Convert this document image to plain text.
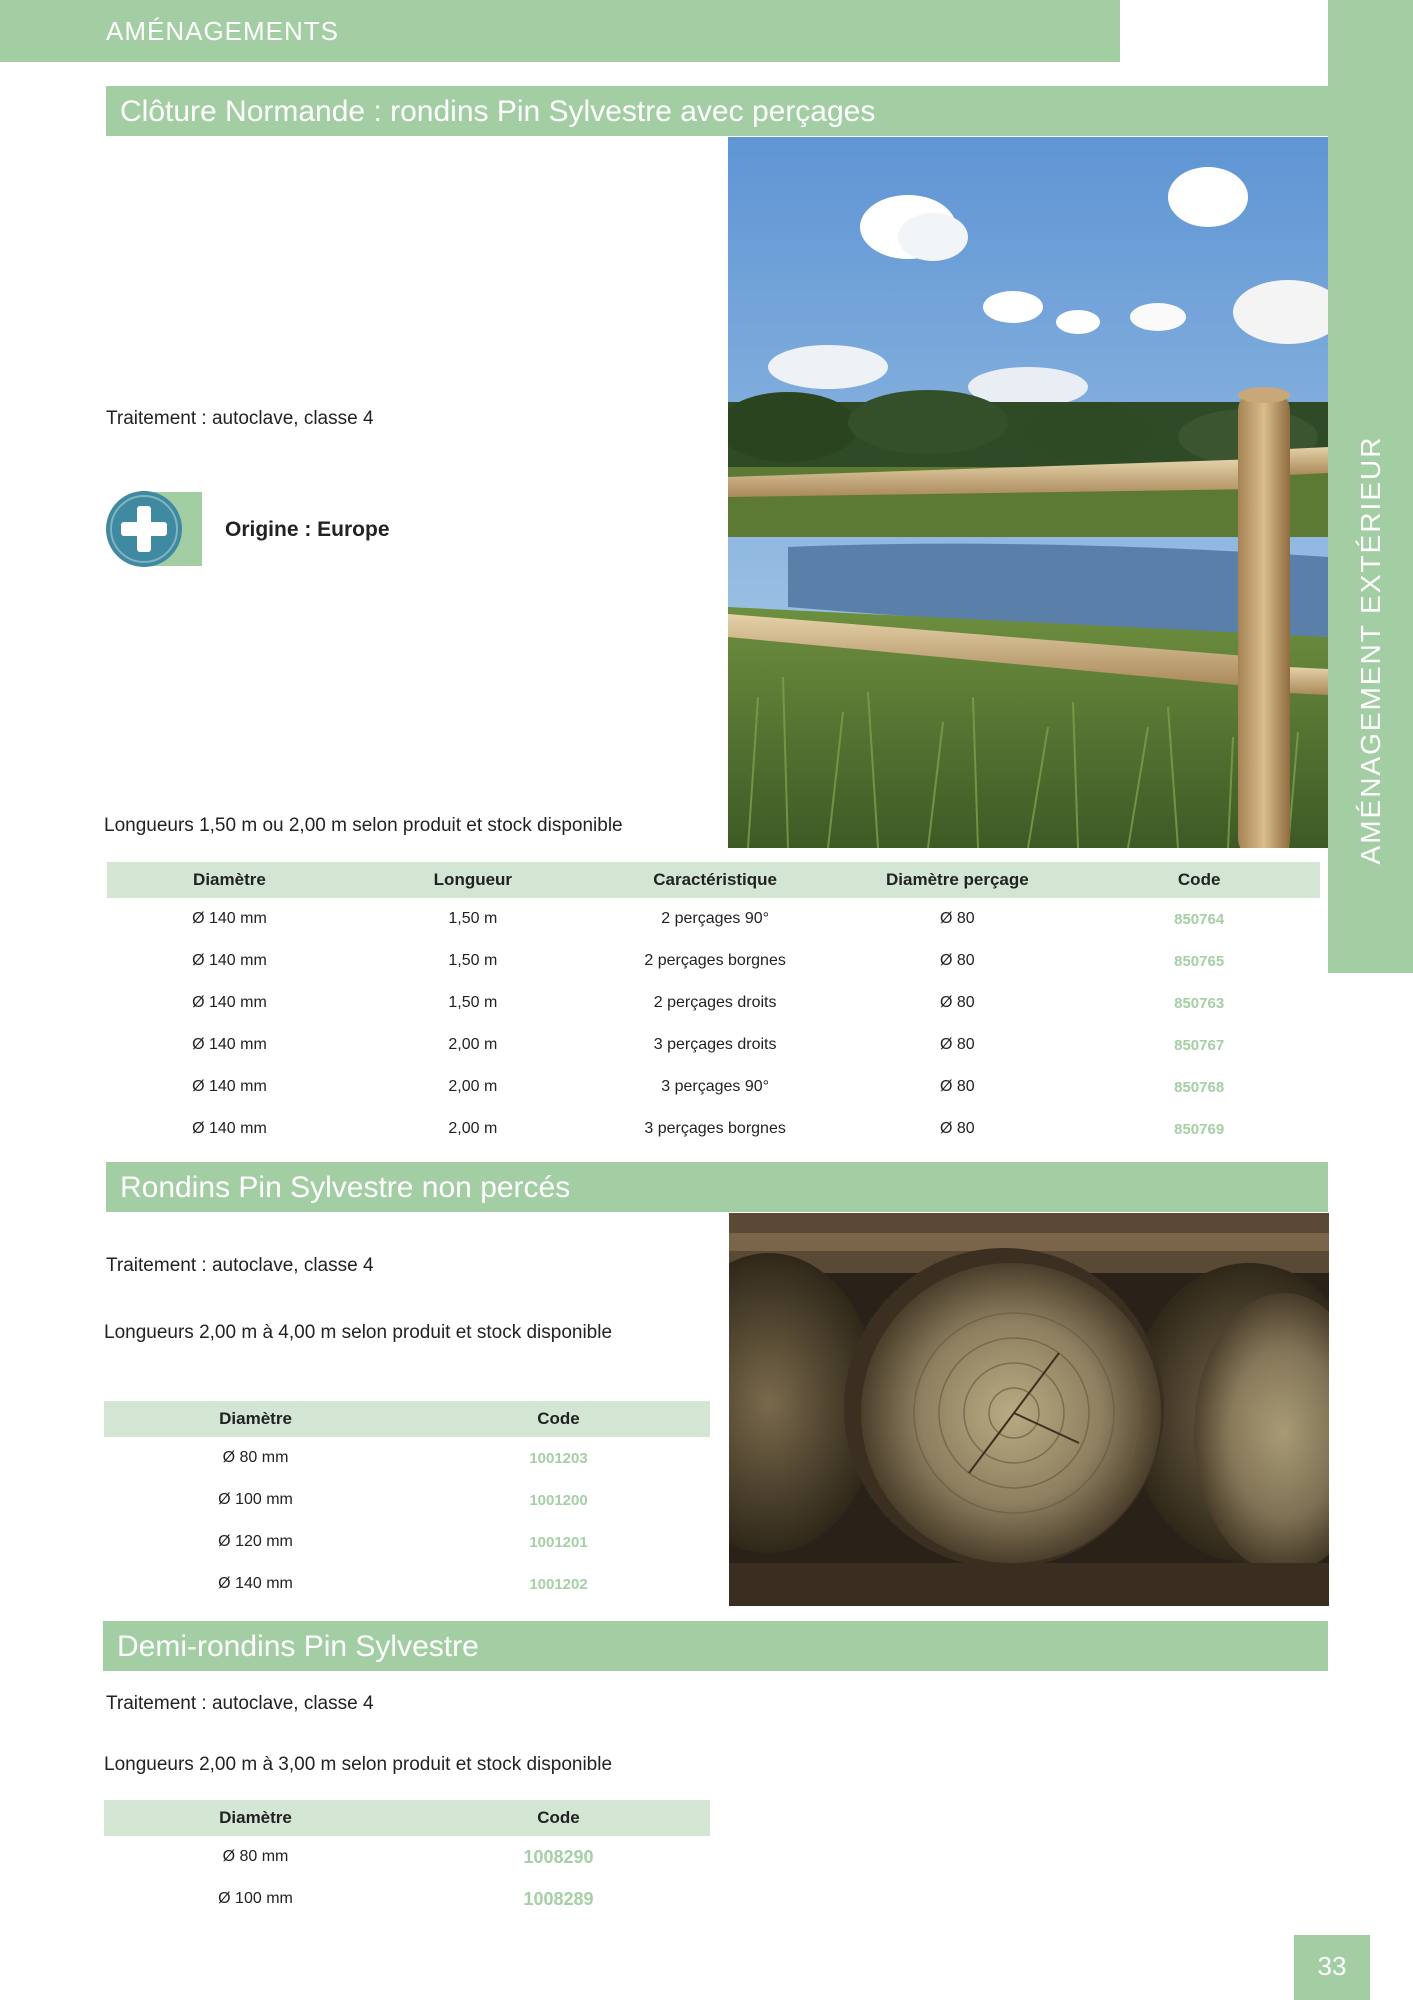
AMÉNAGEMENTS
AMÉNAGEMENT EXTÉRIEUR
Clôture Normande : rondins Pin Sylvestre avec perçages
Traitement : autoclave, classe 4
Origine : Europe
Longueurs 1,50 m ou 2,00 m selon produit et stock disponible
Diamètre	Longueur	Caractéristique	Diamètre perçage	Code
Ø 140 mm	1,50 m	2 perçages 90°	Ø 80	850764
Ø 140 mm	1,50 m	2 perçages borgnes	Ø 80	850765
Ø 140 mm	1,50 m	2 perçages droits	Ø 80	850763
Ø 140 mm	2,00 m	3 perçages droits	Ø 80	850767
Ø 140 mm	2,00 m	3 perçages 90°	Ø 80	850768
Ø 140 mm	2,00 m	3 perçages borgnes	Ø 80	850769
Rondins Pin Sylvestre non percés
Traitement : autoclave, classe 4
Longueurs 2,00 m à 4,00 m selon produit et stock disponible
Diamètre	Code
Ø 80 mm	1001203
Ø 100 mm	1001200
Ø 120 mm	1001201
Ø 140 mm	1001202
Demi-rondins Pin Sylvestre
Traitement : autoclave, classe 4
Longueurs 2,00 m à 3,00 m selon produit et stock disponible
Diamètre	Code
Ø 80 mm	1008290
Ø 100 mm	1008289
33
